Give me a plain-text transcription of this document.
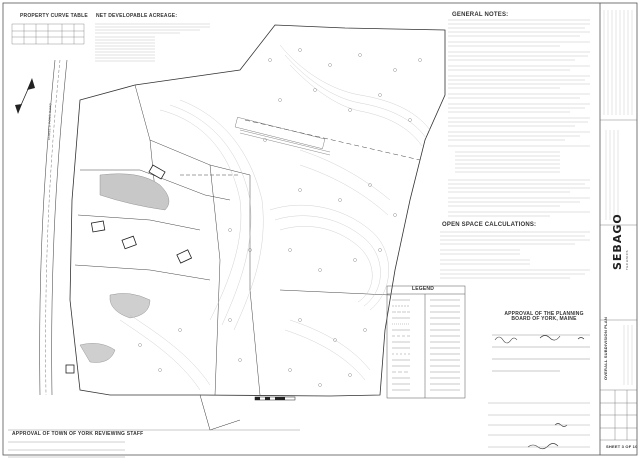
PROPERTY CURVE TABLE NET DEVELOPABLE ACREAGE:	GENERAL NOTES:
OPEN SPACE CALCULATIONS:
LEGEND
APPROVAL OF THE PLANNING BOARD OF YORK, MAINE
APPROVAL OF TOWN OF YORK REVIEWING STAFF
CHASE'S POND ROAD
SEBAGO TECHNICS
OVERALL SUBDIVISION PLAN
SHEET 3 OF 10
